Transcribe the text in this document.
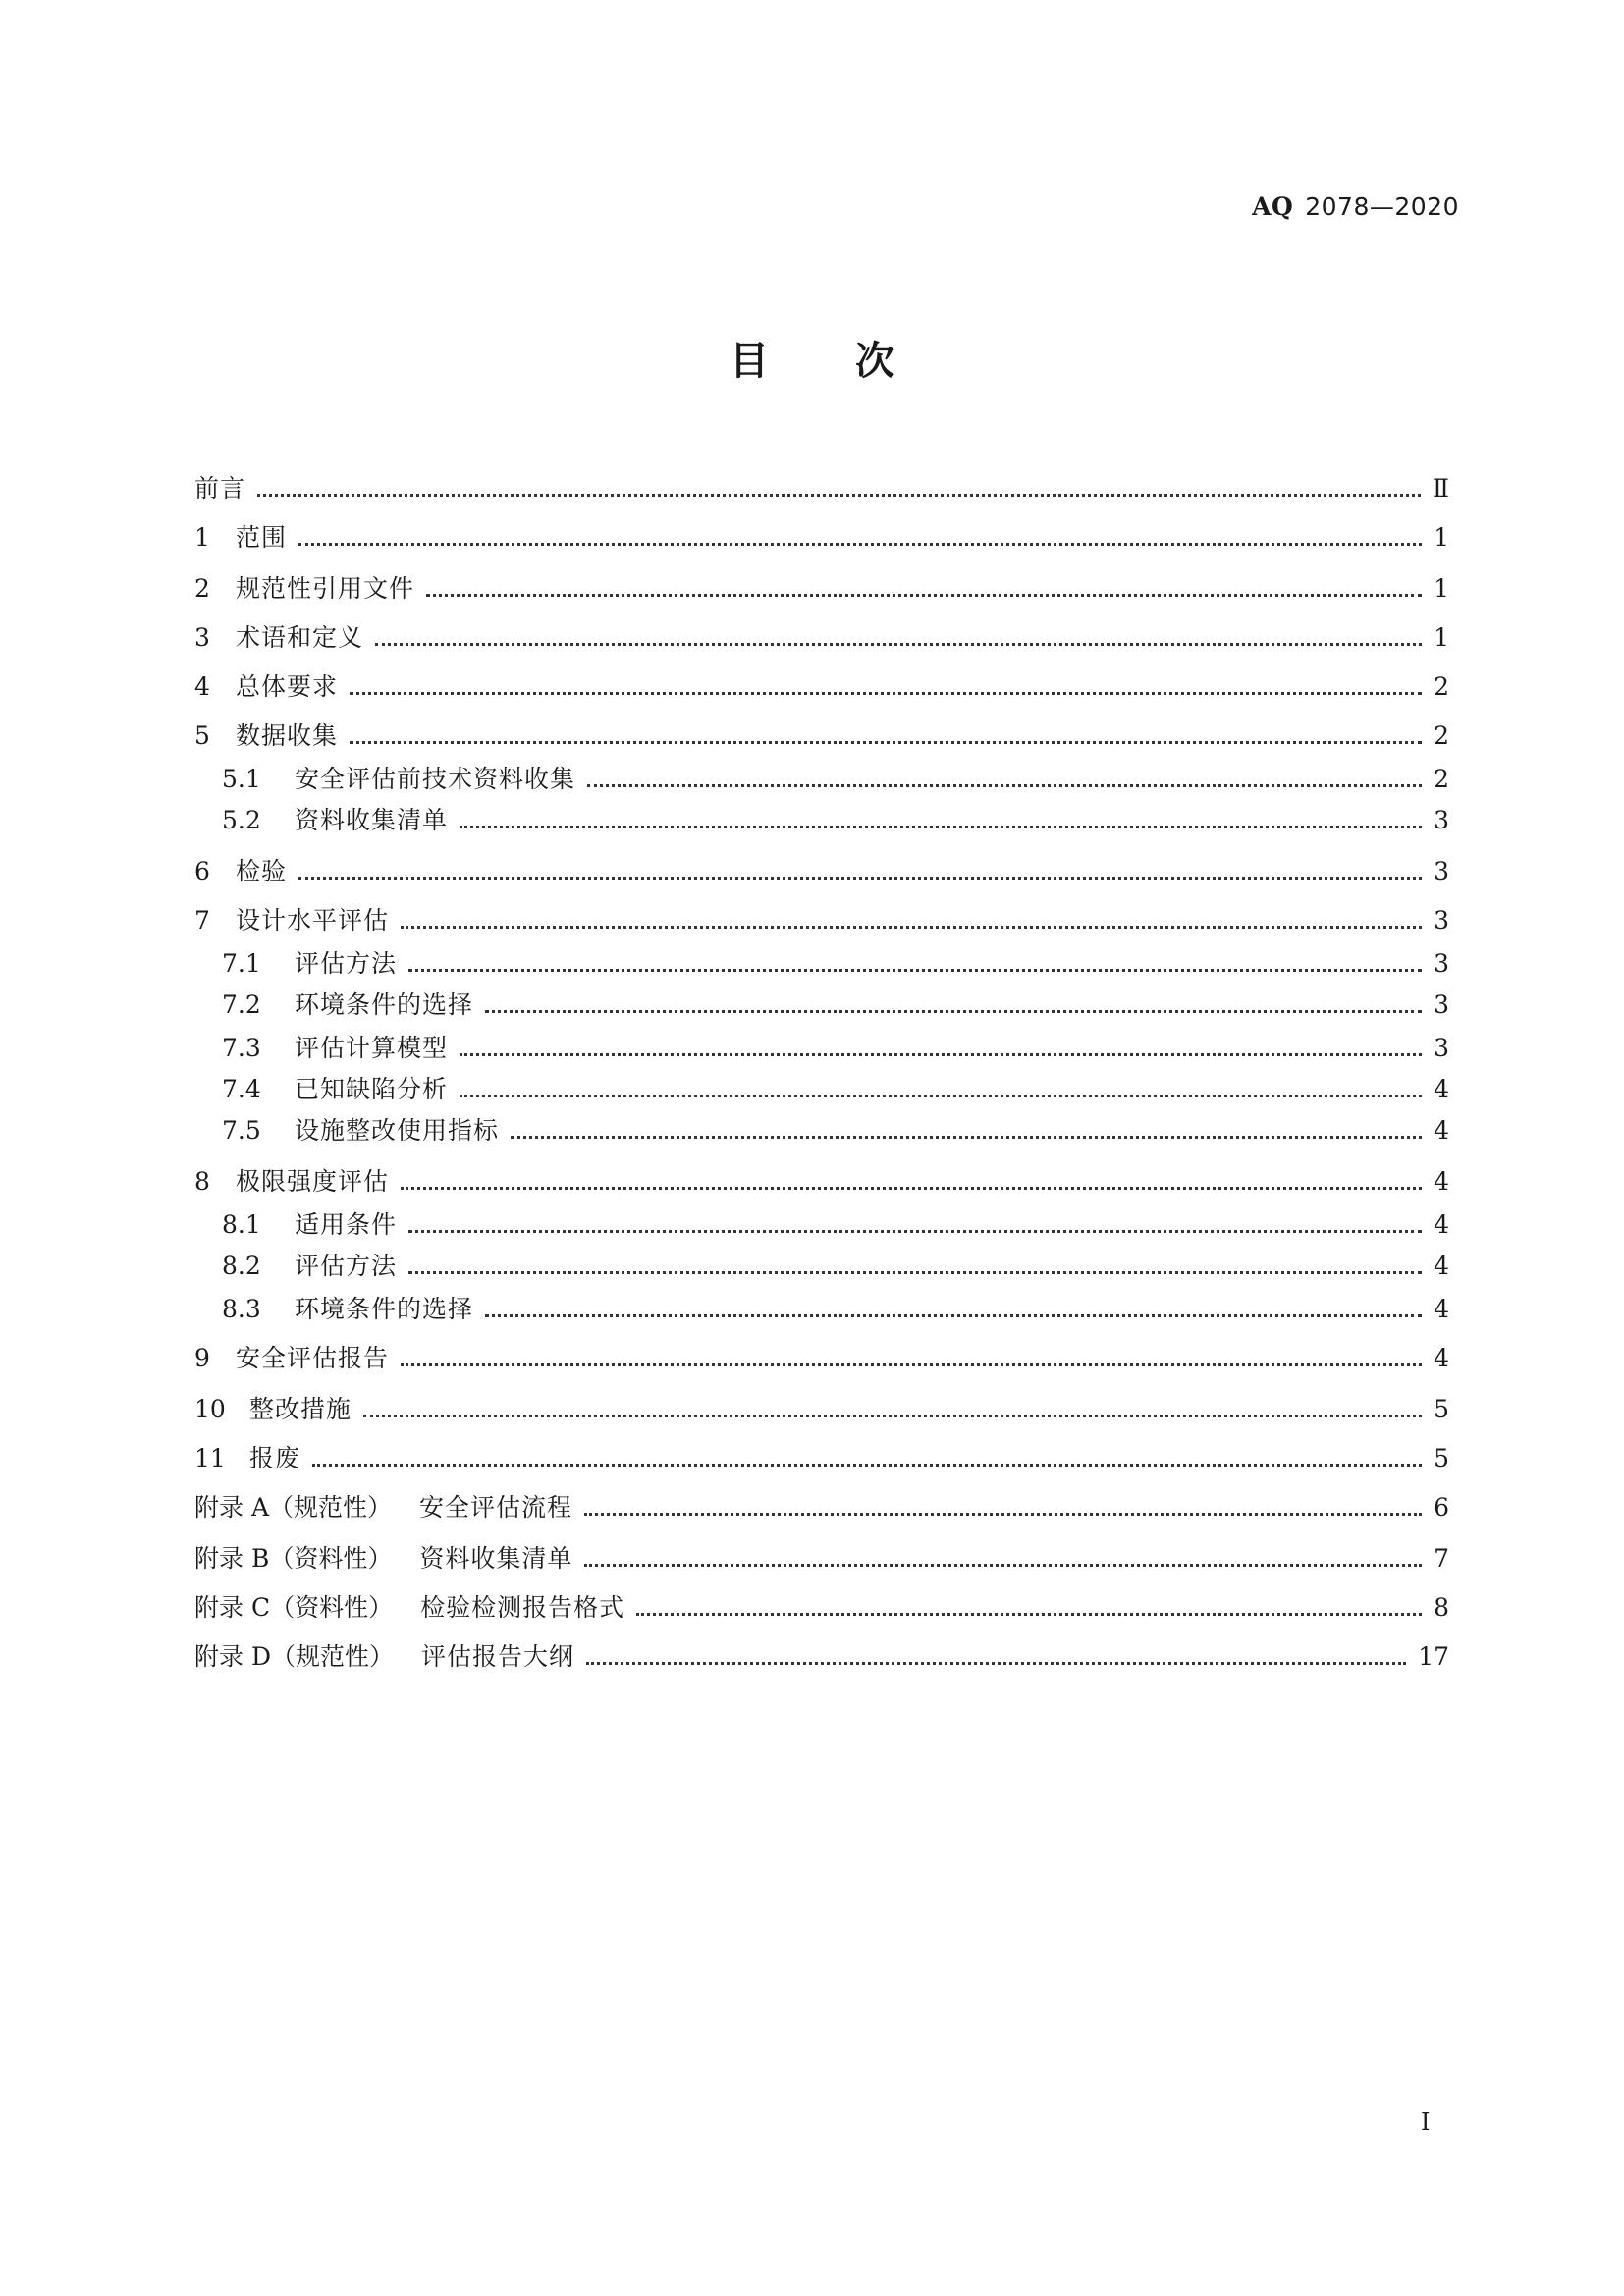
AQ 2078—2020
目次
前言	Ⅱ
1	范围	1
2	规范性引用文件	1
3	术语和定义	1
4	总体要求	2
5	数据收集	2
5.1	安全评估前技术资料收集	2
5.2	资料收集清单	3
6	检验	3
7	设计水平评估	3
7.1	评估方法	3
7.2	环境条件的选择	3
7.3	评估计算模型	3
7.4	已知缺陷分析	4
7.5	设施整改使用指标	4
8	极限强度评估	4
8.1	适用条件	4
8.2	评估方法	4
8.3	环境条件的选择	4
9	安全评估报告	4
10 整改措施	5
11 报废	5
附录 A（规范性） 安全评估流程	6
附录 B（资料性） 资料收集清单	7
附录 C（资料性） 检验检测报告格式	8
附录 D（规范性） 评估报告大纲	17
I
